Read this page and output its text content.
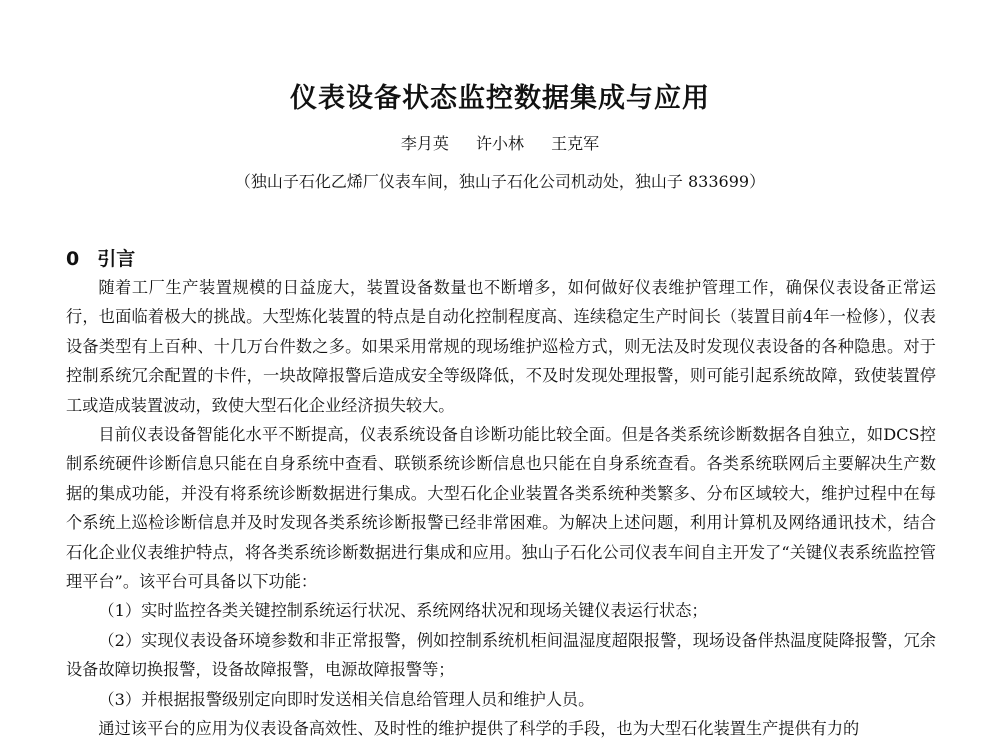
仪表设备状态监控数据集成与应用
李月英 许小林 王克军
（独山子石化乙烯厂仪表车间，独山子石化公司机动处，独山子 833699）
0 引言

随着工厂生产装置规模的日益庞大，装置设备数量也不断增多，如何做好仪表维护管理工作，确保仪表设备正常运行，也面临着极大的挑战。大型炼化装置的特点是自动化控制程度高、连续稳定生产时间长（装置目前4年一检修），仪表设备类型有上百种、十几万台件数之多。如果采用常规的现场维护巡检方式，则无法及时发现仪表设备的各种隐患。对于控制系统冗余配置的卡件，一块故障报警后造成安全等级降低，不及时发现处理报警，则可能引起系统故障，致使装置停工或造成装置波动，致使大型石化企业经济损失较大。

目前仪表设备智能化水平不断提高，仪表系统设备自诊断功能比较全面。但是各类系统诊断数据各自独立，如DCS控制系统硬件诊断信息只能在自身系统中查看、联锁系统诊断信息也只能在自身系统查看。各类系统联网后主要解决生产数据的集成功能，并没有将系统诊断数据进行集成。大型石化企业装置各类系统种类繁多、分布区域较大，维护过程中在每个系统上巡检诊断信息并及时发现各类系统诊断报警已经非常困难。为解决上述问题，利用计算机及网络通讯技术，结合石化企业仪表维护特点，将各类系统诊断数据进行集成和应用。独山子石化公司仪表车间自主开发了“关键仪表系统监控管理平台”。该平台可具备以下功能：

（1）实时监控各类关键控制系统运行状况、系统网络状况和现场关键仪表运行状态；

（2）实现仪表设备环境参数和非正常报警，例如控制系统机柜间温湿度超限报警，现场设备伴热温度陡降报警，冗余设备故障切换报警，设备故障报警，电源故障报警等；

（3）并根据报警级别定向即时发送相关信息给管理人员和维护人员。

通过该平台的应用为仪表设备高效性、及时性的维护提供了科学的手段，也为大型石化装置生产提供有力的
